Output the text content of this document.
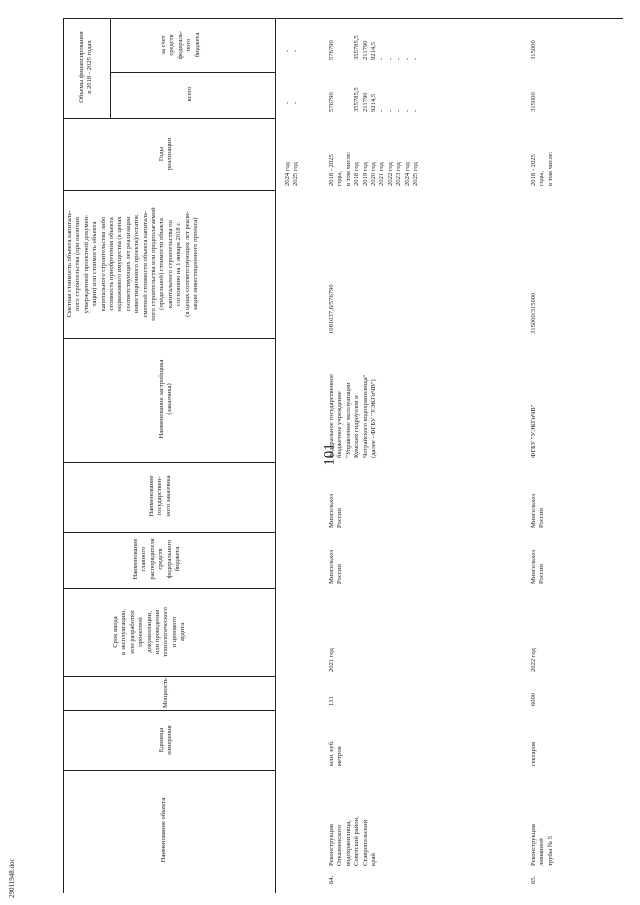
101
29011948.doc
Наименование объекта
Единица измерения
Мощность
Срок ввода в эксплуатацию, или разработки проектной документации, или проведения технологического и ценового аудита
Наименование главного распорядителя средств федерального бюджета
Наименование государствен- ного заказчика
Наименование застройщика (заказчика)
Сметная стоимость объекта капиталь- ного строительства (при наличии утвержденной проектной докумен- тации) или стоимость объекта капитального строительства либо стоимость приобретения объекта недвижимого имущества (в ценах соответствующих лет реализации инвестиционного проекта)/остаток сметной стоимости объекта капиталь- ного строительства или предполагаемой (предельной) стоимости объекта капитального строительства по состоянию на 1 января 2018 г. (в ценах соответствующих лет реали- зации инвестиционного проекта)
Годы реализации
Объемы финансирования в 2018 - 2025 годах
всего
за счет средств федераль- ного бюджета
2024 год 2025 год
- -
- -
64.
Реконструкция Отказненского водохранилища, Советский район, Ставропольский край
млн. куб. метров
131
2021 год
Минсельхоз России
Минсельхоз России
федеральное государственное бюджетное учреждение "Управление эксплуатации Кумских гидроузлов и Чограйского водохранилища" (далее - ФГБУ "УЭКГиЧВ")
1081037,6/576790
2018 - 2025 годы, в том числе: 2018 год 2019 год 2020 год 2021 год 2022 год 2023 год 2024 год 2025 год
576790

	355785,5 211790 9214,5 - - - - -
576790

	355785,5 211790 9214,5 - - - - -
65.
Реконструкция лиманной трубы № 5
гектаров
6000
2022 год
Минсельхоз России
Минсельхоз России
ФГБУ "УЭКГиЧВ"
315000/315000
2018 - 2025 годы, в том числе:
315000
315000
